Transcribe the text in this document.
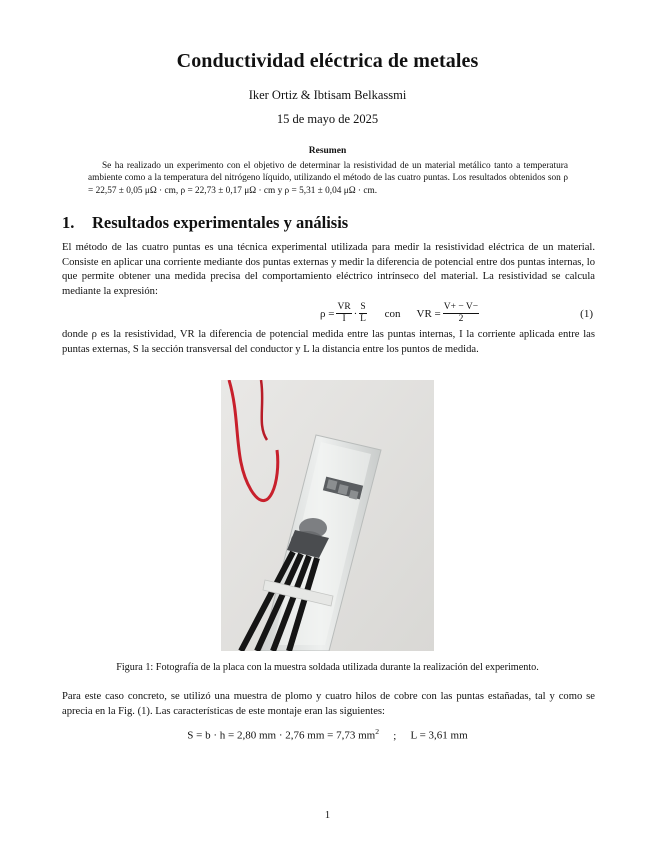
Conductividad eléctrica de metales
Iker Ortiz & Ibtisam Belkassmi
15 de mayo de 2025
Resumen

Se ha realizado un experimento con el objetivo de determinar la resistividad de un material metálico tanto a temperatura ambiente como a la temperatura del nitrógeno líquido, utilizando el método de las cuatro puntas. Los resultados obtenidos son ρ = 22,57 ± 0,05 μΩ · cm, ρ = 22,73 ± 0,17 μΩ · cm y ρ = 5,31 ± 0,04 μΩ · cm.

1. Resultados experimentales y análisis

El método de las cuatro puntas es una técnica experimental utilizada para medir la resistividad eléctrica de un material. Consiste en aplicar una corriente mediante dos puntas externas y medir la diferencia de potencial entre dos puntas internas, lo que permite obtener una medida precisa del comportamiento eléctrico intrínseco del material. La resistividad se calcula mediante la expresión:

$\rho = \frac{VR}{I} \cdot \frac{S}{L}$ con VR = $\frac{V+ - V-}{2}$	(1)

donde ρ es la resistividad, VR la diferencia de potencial medida entre las puntas internas, I la corriente aplicada entre las puntas externas, S la sección transversal del conductor y L la distancia entre los puntos de medida.

Figura 1: Fotografía de la placa con la muestra soldada utilizada durante la realización del experimento.

Para este caso concreto, se utilizó una muestra de plomo y cuatro hilos de cobre con las puntas estañadas, tal y como se aprecia en la Fig. (1). Las características de este montaje eran las siguientes:

S = b · h = 2,80 mm · 2,76 mm = 7,73 $mm^2$ ; L = 3,61 mm
1
